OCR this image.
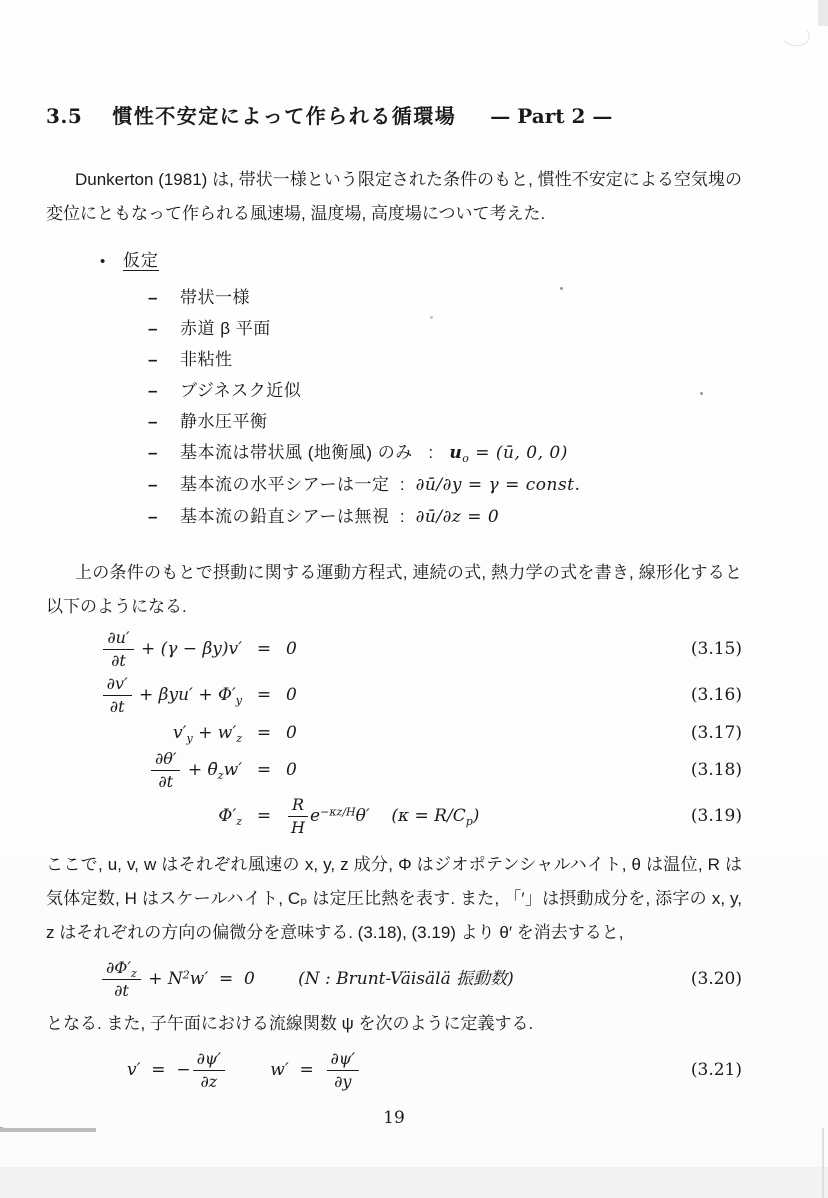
3.5 慣性不安定によって作られる循環場 — Part 2 —

Dunkerton (1981) は, 帯状一様という限定された条件のもと, 慣性不安定による空気塊の変位にともなって作られる風速場, 温度場, 高度場について考えた.

• 仮定
– 帯状一様
– 赤道 β 平面
– 非粘性
– ブジネスク近似
– 静水圧平衡
– 基本流は帯状風 (地衡風) のみ   :   $u_o$ = (ū, 0, 0)
– 基本流の水平シアーは一定  :  ∂ū/∂y = γ = const.
– 基本流の鉛直シアーは無視  :  ∂ū/∂z = 0

上の条件のもとで摂動に関する運動方程式, 連続の式, 熱力学の式を書き, 線形化すると以下のようになる.

$\frac{\partial u'}{\partial t} + (\gamma - \beta y)v' = 0$	(3.15)
$\frac{\partial v'}{\partial t} + \beta yu' + \Phi'_y = 0$	(3.16)
$v'_y + w'_z = 0$	(3.17)
$\frac{\partial\theta'}{\partial t}$ + $\thetā_zw' = 0$	(3.18)
$\Phi'_z$ =	$\frac{R}{H} e^{-\kappa z/H}\theta'$    $(\kappa = R/C_p)$	(3.19)

ここで, u, v, w はそれぞれ風速の x, y, z 成分, Φ はジオポテンシャルハイト, θ は温位, R は気体定数, H はスケールハイト, Cₚ は定圧比熱を表す. また, 「′」は摂動成分を, 添字の x, y, z はそれぞれの方向の偏微分を意味する. (3.18), (3.19) より θ′ を消去すると,

$\frac{\partial\Phi'_z}{\partial t} + N^2w' = 0$        (N : Brunt-Väisälä 振動数)	(3.20)

となる. また, 子午面における流線関数 ψ を次のように定義する.

v′  =  − $\frac{\partial\psi'}{\partial z} w' = \frac{\partial\psi'}{\partial y}$	(3.21)
19
